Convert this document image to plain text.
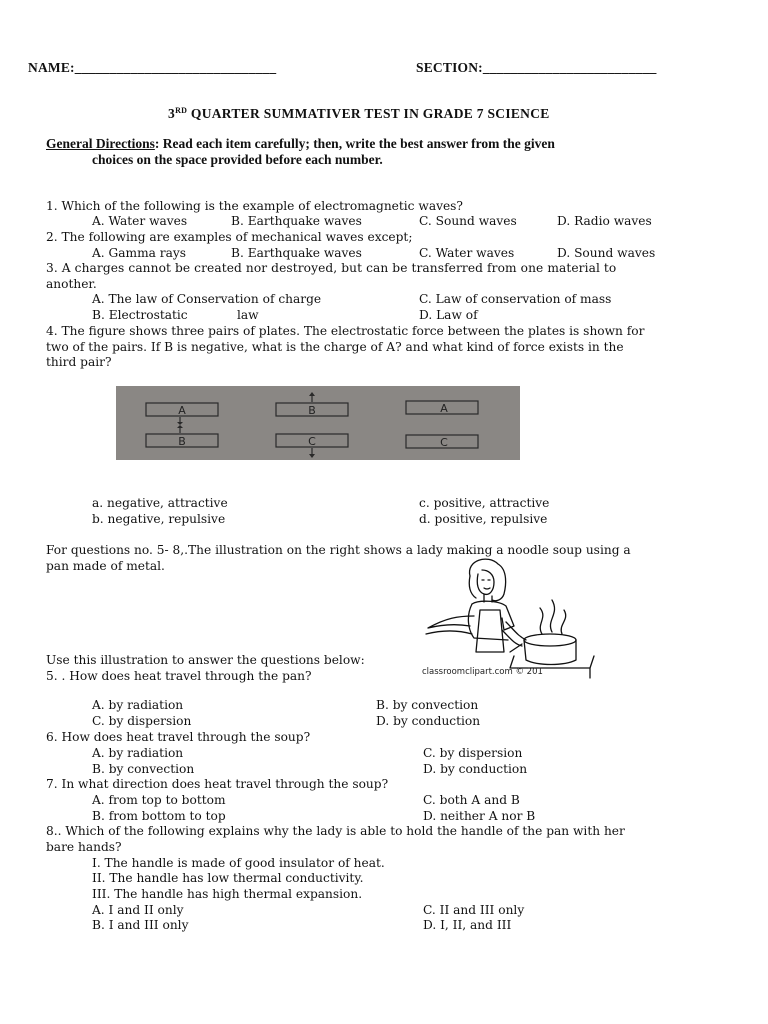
NAME:_____________________________	SECTION:_________________________
3RD QUARTER SUMMATIVER TEST IN GRADE 7 SCIENCE
General Directions: Read each item carefully; then, write the best answer from the given
choices on the space provided before each number.
1. Which of the following is the example of electromagnetic waves?
A. Water waves	B. Earthquake waves	C. Sound waves	D. Radio waves
2. The following are examples of mechanical waves except;
A. Gamma rays	B. Earthquake waves	C. Water waves	D. Sound waves
3. A charges cannot be created nor destroyed, but can be transferred from one material to
another.
A. The law of Conservation of charge	C. Law of conservation of mass
B. Electrostatic	law	D. Law of
4. The figure shows three pairs of plates. The electrostatic force between the plates is shown for
two of the pairs. If B is negative, what is the charge of A? and what kind of force exists in the
third pair?
A
B
B
C
A
C
a. negative, attractive	c. positive, attractive
b. negative, repulsive	d. positive, repulsive
For questions no. 5- 8,.The illustration on the right shows a lady making a noodle soup using a
pan made of metal.
classroomclipart.com © 201
Use this illustration to answer the questions below:
5. . How does heat travel through the pan?
A. by radiation	B. by convection
C. by dispersion	D. by conduction
6. How does heat travel through the soup?
A. by radiation	C. by dispersion
B. by convection	D. by conduction
7. In what direction does heat travel through the soup?
A. from top to bottom	C. both A and B
B. from bottom to top	D. neither A nor B
8.. Which of the following explains why the lady is able to hold the handle of the pan with her
bare hands?
I. The handle is made of good insulator of heat.
II. The handle has low thermal conductivity.
III. The handle has high thermal expansion.
A. I and II only	C. II and III only
B. I and III only	D. I, II, and III
